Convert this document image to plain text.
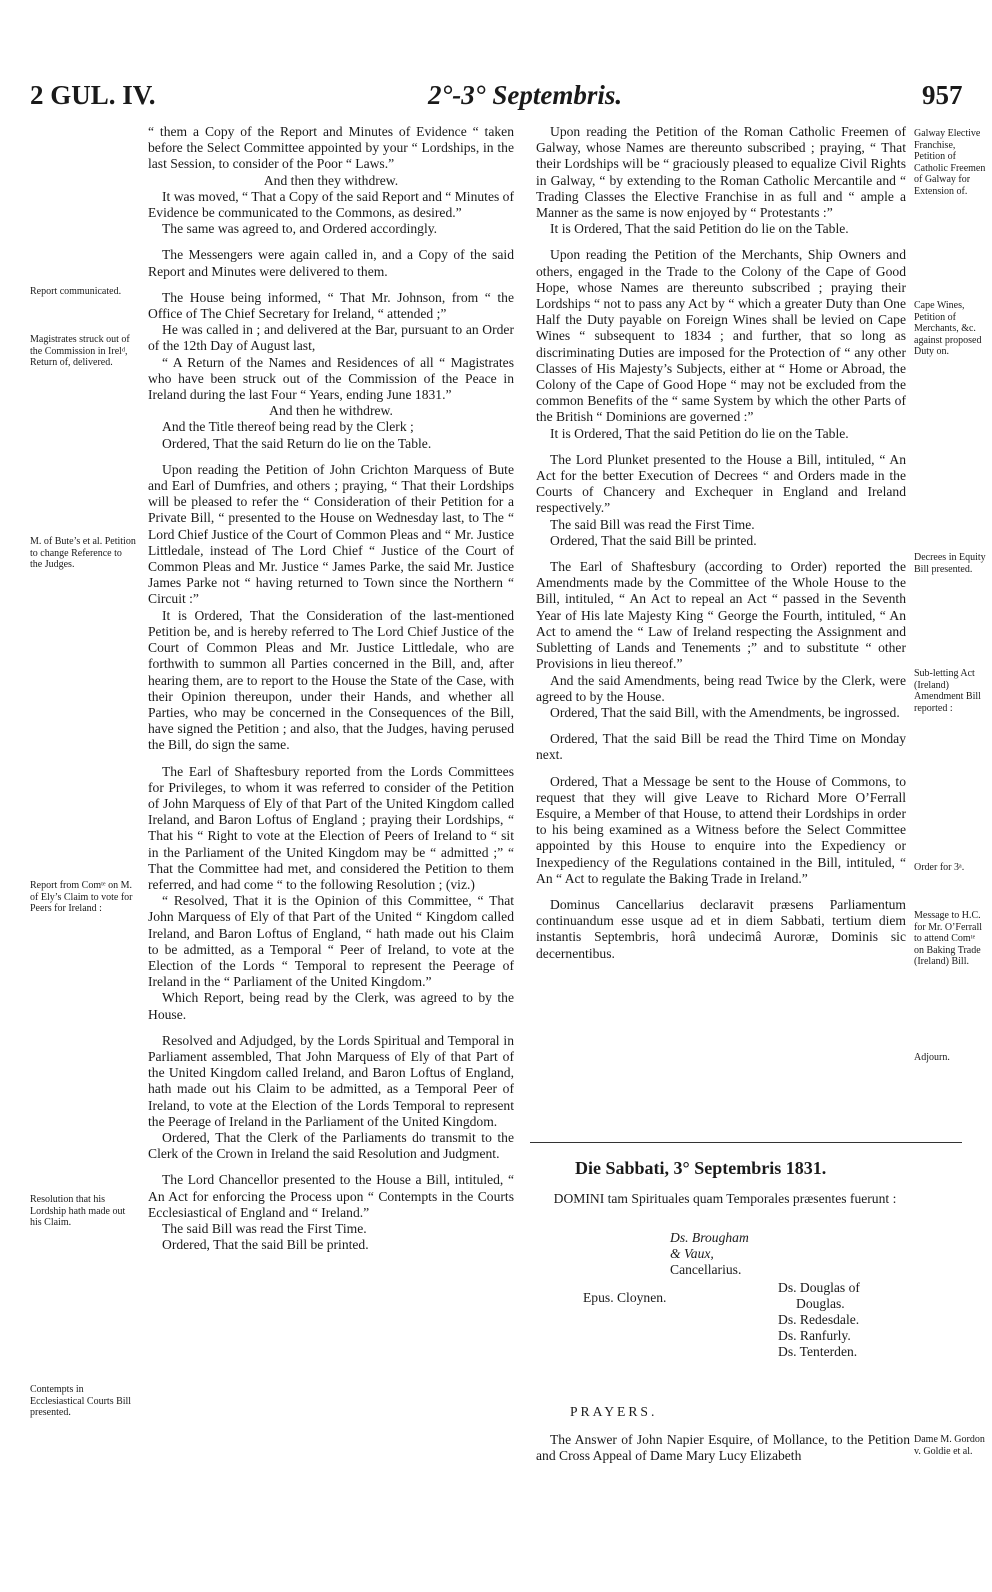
2 GUL. IV.	2°-3° Septembris.	957

“ them a Copy of the Report and Minutes of Evidence “ taken before the Select Committee appointed by your “ Lordships, in the last Session, to consider of the Poor “ Laws.”

And then they withdrew.

It was moved, “ That a Copy of the said Report and “ Minutes of Evidence be communicated to the Commons, as desired.”

The same was agreed to, and Ordered accordingly.

The Messengers were again called in, and a Copy of the said Report and Minutes were delivered to them.

The House being informed, “ That Mr. Johnson, from “ the Office of The Chief Secretary for Ireland, “ attended ;”

He was called in ; and delivered at the Bar, pursuant to an Order of the 12th Day of August last,

“ A Return of the Names and Residences of all “ Magistrates who have been struck out of the Commission of the Peace in Ireland during the last Four “ Years, ending June 1831.”

And then he withdrew.

And the Title thereof being read by the Clerk ;

Ordered, That the said Return do lie on the Table.

Upon reading the Petition of John Crichton Marquess of Bute and Earl of Dumfries, and others ; praying, “ That their Lordships will be pleased to refer the “ Consideration of their Petition for a Private Bill, “ presented to the House on Wednesday last, to The “ Lord Chief Justice of the Court of Common Pleas and “ Mr. Justice Littledale, instead of The Lord Chief “ Justice of the Court of Common Pleas and Mr. Justice “ James Parke, the said Mr. Justice James Parke not “ having returned to Town since the Northern “ Circuit :”

It is Ordered, That the Consideration of the last-mentioned Petition be, and is hereby referred to The Lord Chief Justice of the Court of Common Pleas and Mr. Justice Littledale, who are forthwith to summon all Parties concerned in the Bill, and, after hearing them, are to report to the House the State of the Case, with their Opinion thereupon, under their Hands, and whether all Parties, who may be concerned in the Consequences of the Bill, have signed the Petition ; and also, that the Judges, having perused the Bill, do sign the same.

The Earl of Shaftesbury reported from the Lords Committees for Privileges, to whom it was referred to consider of the Petition of John Marquess of Ely of that Part of the United Kingdom called Ireland, and Baron Loftus of England ; praying their Lordships, “ That his “ Right to vote at the Election of Peers of Ireland to “ sit in the Parliament of the United Kingdom may be “ admitted ;” “ That the Committee had met, and considered the Petition to them referred, and had come “ to the following Resolution ; (viz.)

“ Resolved, That it is the Opinion of this Committee, “ That John Marquess of Ely of that Part of the United “ Kingdom called Ireland, and Baron Loftus of England, “ hath made out his Claim to be admitted, as a Temporal “ Peer of Ireland, to vote at the Election of the Lords “ Temporal to represent the Peerage of Ireland in the “ Parliament of the United Kingdom.”

Which Report, being read by the Clerk, was agreed to by the House.

Resolved and Adjudged, by the Lords Spiritual and Temporal in Parliament assembled, That John Marquess of Ely of that Part of the United Kingdom called Ireland, and Baron Loftus of England, hath made out his Claim to be admitted, as a Temporal Peer of Ireland, to vote at the Election of the Lords Temporal to represent the Peerage of Ireland in the Parliament of the United Kingdom.

Ordered, That the Clerk of the Parliaments do transmit to the Clerk of the Crown in Ireland the said Resolution and Judgment.

The Lord Chancellor presented to the House a Bill, intituled, “ An Act for enforcing the Process upon “ Contempts in the Courts Ecclesiastical of England and “ Ireland.”

The said Bill was read the First Time.

Ordered, That the said Bill be printed.

Upon reading the Petition of the Roman Catholic Freemen of Galway, whose Names are thereunto subscribed ; praying, “ That their Lordships will be “ graciously pleased to equalize Civil Rights in Galway, “ by extending to the Roman Catholic Mercantile and “ Trading Classes the Elective Franchise in as full and “ ample a Manner as the same is now enjoyed by “ Protestants :”

It is Ordered, That the said Petition do lie on the Table.

Upon reading the Petition of the Merchants, Ship Owners and others, engaged in the Trade to the Colony of the Cape of Good Hope, whose Names are thereunto subscribed ; praying their Lordships “ not to pass any Act by “ which a greater Duty than One Half the Duty payable on Foreign Wines shall be levied on Cape Wines “ subsequent to 1834 ; and further, that so long as discriminating Duties are imposed for the Protection of “ any other Classes of His Majesty’s Subjects, either at “ Home or Abroad, the Colony of the Cape of Good Hope “ may not be excluded from the common Benefits of the “ same System by which the other Parts of the British “ Dominions are governed :”

It is Ordered, That the said Petition do lie on the Table.

The Lord Plunket presented to the House a Bill, intituled, “ An Act for the better Execution of Decrees “ and Orders made in the Courts of Chancery and Exchequer in England and Ireland respectively.”

The said Bill was read the First Time.

Ordered, That the said Bill be printed.

The Earl of Shaftesbury (according to Order) reported the Amendments made by the Committee of the Whole House to the Bill, intituled, “ An Act to repeal an Act “ passed in the Seventh Year of His late Majesty King “ George the Fourth, intituled, “ An Act to amend the “ Law of Ireland respecting the Assignment and Subletting of Lands and Tenements ;” and to substitute “ other Provisions in lieu thereof.”

And the said Amendments, being read Twice by the Clerk, were agreed to by the House.

Ordered, That the said Bill, with the Amendments, be ingrossed.

Ordered, That the said Bill be read the Third Time on Monday next.

Ordered, That a Message be sent to the House of Commons, to request that they will give Leave to Richard More O’Ferrall Esquire, a Member of that House, to attend their Lordships in order to his being examined as a Witness before the Select Committee appointed by this House to enquire into the Expediency or Inexpediency of the Regulations contained in the Bill, intituled, “ An “ Act to regulate the Baking Trade in Ireland.”

Dominus Cancellarius declaravit præsens Parliamentum continuandum esse usque ad et in diem Sabbati, tertium diem instantis Septembris, horâ undecimâ Auroræ, Dominis sic decernentibus.

Report communicated.
Magistrates struck out of the Commission in Irelᵈ, Return of, delivered.
M. of Bute’s et al. Petition to change Reference to the Judges.
Report from Comᵗᵉ on M. of Ely’s Claim to vote for Peers for Ireland :
Resolution that his Lordship hath made out his Claim.
Contempts in Ecclesiastical Courts Bill presented.
Galway Elective Franchise, Petition of Catholic Freemen of Galway for Extension of.
Cape Wines, Petition of Merchants, &c. against proposed Duty on.
Decrees in Equity Bill presented.
Sub-letting Act (Ireland) Amendment Bill reported :
Order for 3ᵃ.
Message to H.C. for Mr. O’Ferrall to attend Comᵗᵉ on Baking Trade (Ireland) Bill.
Adjourn.
Dame M. Gordon v. Goldie et al.
Die Sabbati, 3° Septembris 1831.
DOMINI tam Spirituales quam Temporales præsentes fuerunt :
Ds. Brougham
& Vaux,
Cancellarius.
Epus. Cloynen.
Ds. Douglas of
Douglas.
Ds. Redesdale.
Ds. Ranfurly.
Ds. Tenterden.
PRAYERS.
The Answer of John Napier Esquire, of Mollance, to the Petition and Cross Appeal of Dame Mary Lucy Elizabeth
